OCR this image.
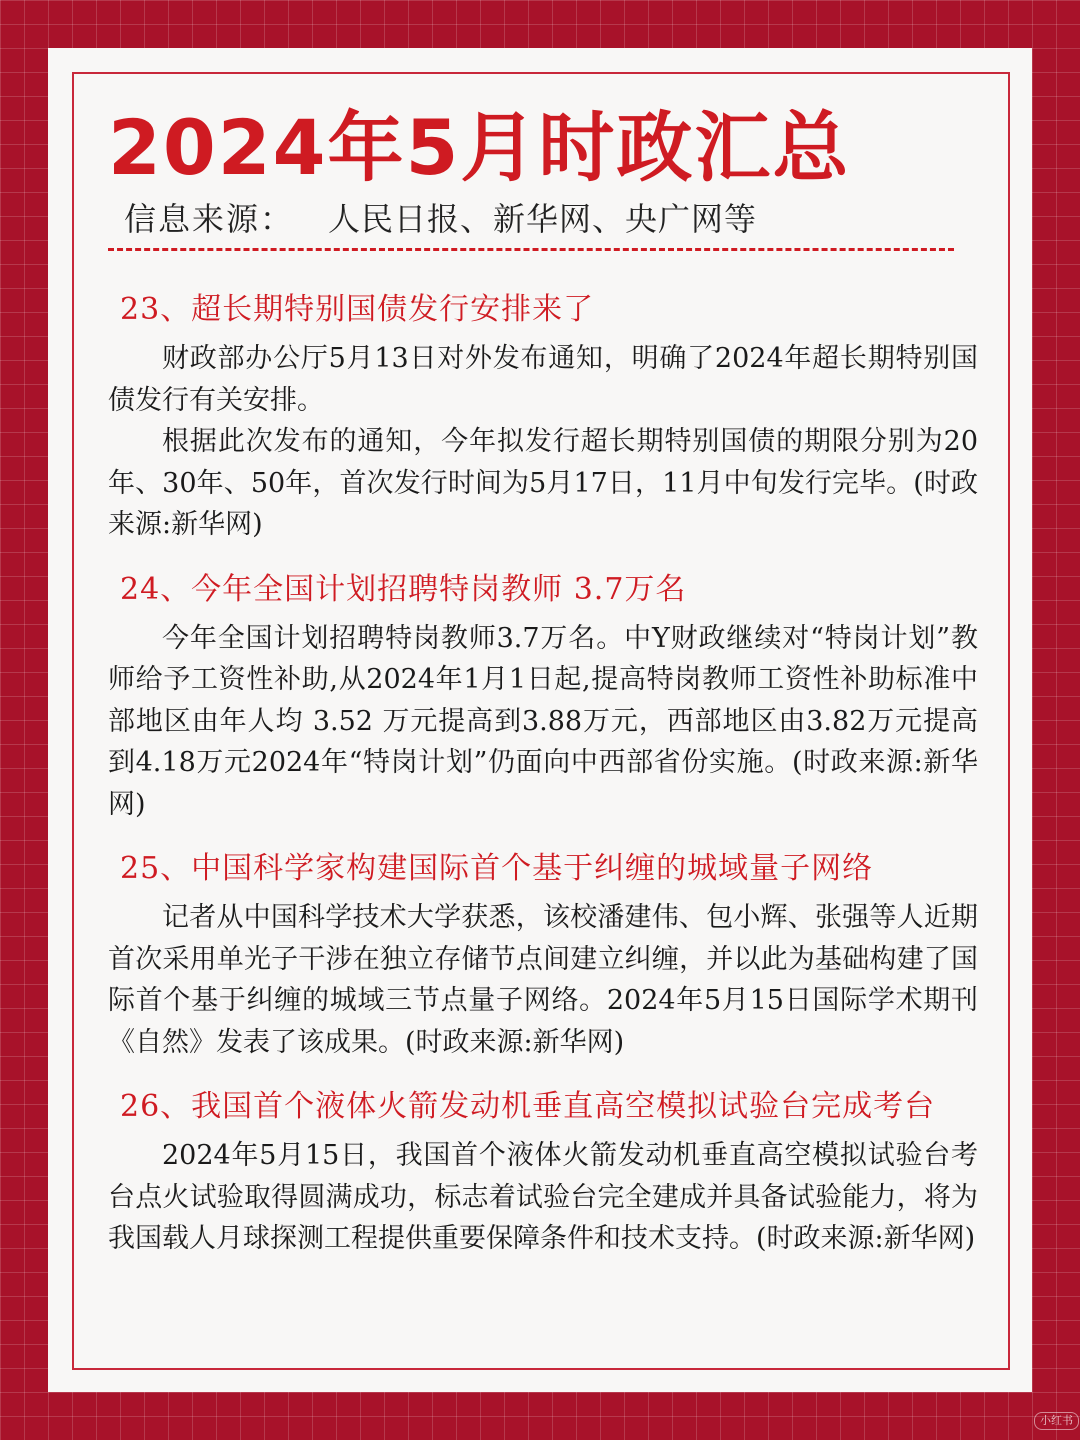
2024年5月时政汇总
信息来源： 人民日报、新华网、央广网等
23、超长期特别国债发行安排来了

财政部办公厅5月13日对外发布通知，明确了2024年超长期特别国债发行有关安排。

根据此次发布的通知，今年拟发行超长期特别国债的期限分别为20年、30年、50年，首次发行时间为5月17日，11月中旬发行完毕。(时政来源:新华网)

24、今年全国计划招聘特岗教师 3.7万名

今年全国计划招聘特岗教师3.7万名。中Y财政继续对“特岗计划”教师给予工资性补助,从2024年1月1日起,提高特岗教师工资性补助标准中部地区由年人均 3.52 万元提高到3.88万元，西部地区由3.82万元提高到4.18万元2024年“特岗计划”仍面向中西部省份实施。(时政来源:新华网)

25、中国科学家构建国际首个基于纠缠的城域量子网络

记者从中国科学技术大学获悉，该校潘建伟、包小辉、张强等人近期首次采用单光子干涉在独立存储节点间建立纠缠，并以此为基础构建了国际首个基于纠缠的城域三节点量子网络。2024年5月15日国际学术期刊《自然》发表了该成果。(时政来源:新华网)

26、我国首个液体火箭发动机垂直高空模拟试验台完成考台

2024年5月15日，我国首个液体火箭发动机垂直高空模拟试验台考台点火试验取得圆满成功，标志着试验台完全建成并具备试验能力，将为我国载人月球探测工程提供重要保障条件和技术支持。(时政来源:新华网)

小红书
